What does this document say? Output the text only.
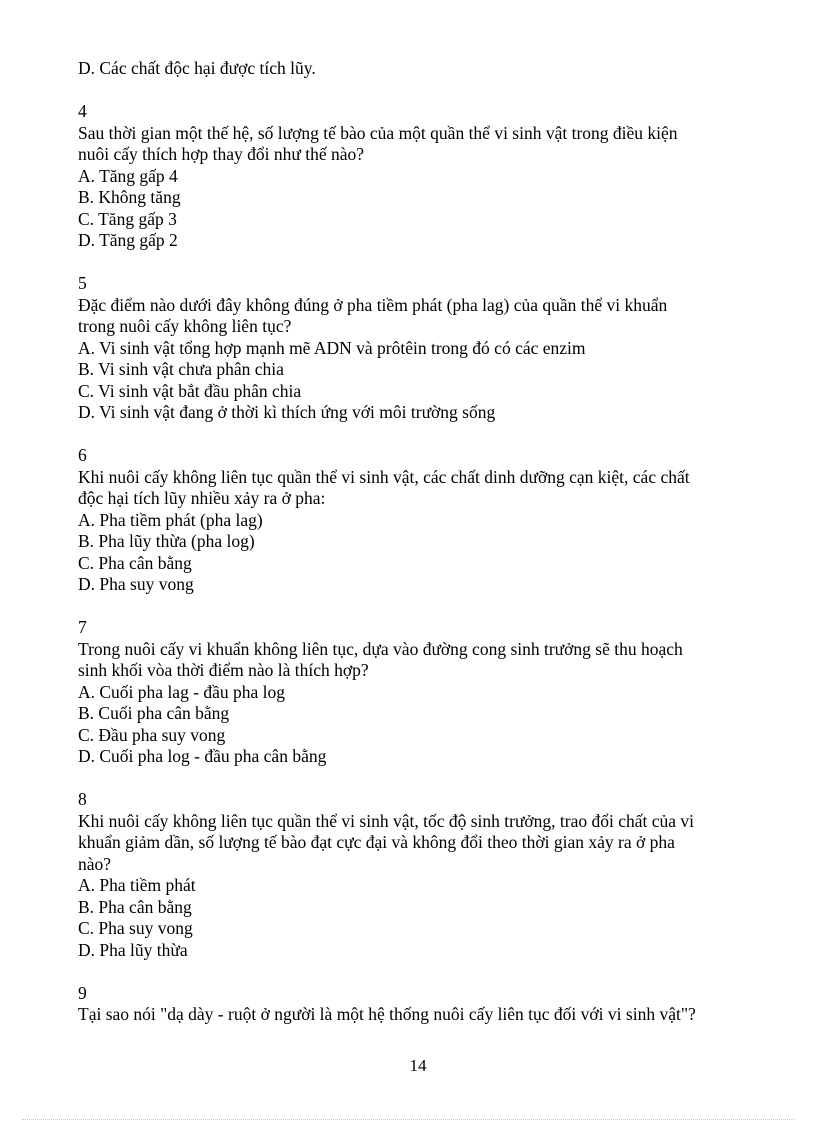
D. Các chất độc hại được tích lũy.
4
Sau thời gian một thế hệ, số lượng tế bào của một quần thể vi sinh vật trong điều kiện
nuôi cấy thích hợp thay đổi như thế nào?
A. Tăng gấp 4
B. Không tăng
C. Tăng gấp 3
D. Tăng gấp 2
5
Đặc điểm nào dưới đây không đúng ở pha tiềm phát (pha lag) của quần thể vi khuẩn
trong nuôi cấy không liên tục?
A. Vi sinh vật tổng hợp mạnh mẽ ADN và prôtêin trong đó có các enzim
B. Vi sinh vật chưa phân chia
C. Vi sinh vật bắt đầu phân chia
D. Vi sinh vật đang ở thời kì thích ứng với môi trường sống
6
Khi nuôi cấy không liên tục quần thể vi sinh vật, các chất dinh dưỡng cạn kiệt, các chất
độc hại tích lũy nhiều xảy ra ở pha:
A. Pha tiềm phát (pha lag)
B. Pha lũy thừa (pha log)
C. Pha cân bằng
D. Pha suy vong
7
Trong nuôi cấy vi khuẩn không liên tục, dựa vào đường cong sinh trưởng sẽ thu hoạch
sinh khối vòa thời điểm nào là thích hợp?
A. Cuối pha lag - đầu pha log
B. Cuối pha cân bằng
C. Đầu pha suy vong
D. Cuối pha log - đầu pha cân bằng
8
Khi nuôi cấy không liên tục quần thể vi sinh vật, tốc độ sinh trưởng, trao đổi chất của vi
khuẩn giảm dần, số lượng tế bào đạt cực đại và không đổi theo thời gian xảy ra ở pha
nào?
A. Pha tiềm phát
B. Pha cân bằng
C. Pha suy vong
D. Pha lũy thừa
9
Tại sao nói "dạ dày - ruột ở người là một hệ thống nuôi cấy liên tục đối với vi sinh vật"?
14
